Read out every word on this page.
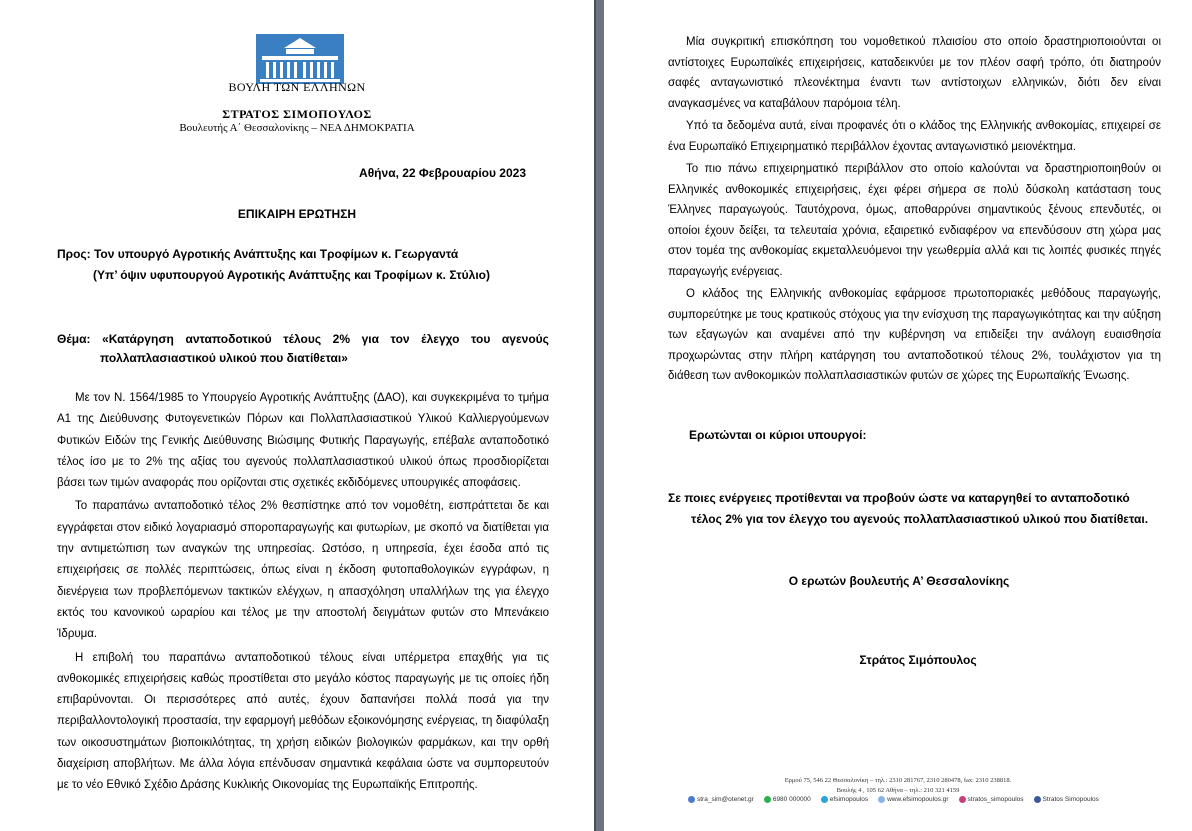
ΒΟΥΛΗ ΤΩΝ ΕΛΛΗΝΩΝ
ΣΤΡΑΤΟΣ ΣΙΜΟΠΟΥΛΟΣ
Βουλευτής Α΄ Θεσσαλονίκης – ΝΕΑ ΔΗΜΟΚΡΑΤΙΑ
Αθήνα, 22 Φεβρουαρίου 2023
ΕΠΙΚΑΙΡΗ ΕΡΩΤΗΣΗ
Προς: Τον υπουργό Αγροτικής Ανάπτυξης και Τροφίμων κ. Γεωργαντά
(Υπ’ όψιν υφυπουργού Αγροτικής Ανάπτυξης και Τροφίμων κ. Στύλιο)
Θέμα: «Κατάργηση ανταποδοτικού τέλους 2% για τον έλεγχο του αγενούς
πολλαπλασιαστικού υλικού που διατίθεται»

Με τον Ν. 1564/1985 το Υπουργείο Αγροτικής Ανάπτυξης (ΔΑΟ), και συγκεκριμένα το τμήμα Α1 της Διεύθυνσης Φυτογενετικών Πόρων και Πολλαπλασιαστικού Υλικού Καλλιεργούμενων Φυτικών Ειδών της Γενικής Διεύθυνσης Βιώσιμης Φυτικής Παραγωγής, επέβαλε ανταποδοτικό τέλος ίσο με το 2% της αξίας του αγενούς πολλαπλασιαστικού υλικού όπως προσδιορίζεται βάσει των τιμών αναφοράς που ορίζονται στις σχετικές εκδιδόμενες υπουργικές αποφάσεις.

Το παραπάνω ανταποδοτικό τέλος 2% θεσπίστηκε από τον νομοθέτη, εισπράττεται δε και εγγράφεται στον ειδικό λογαριασμό σποροπαραγωγής και φυτωρίων, με σκοπό να διατίθεται για την αντιμετώπιση των αναγκών της υπηρεσίας. Ωστόσο, η υπηρεσία, έχει έσοδα από τις επιχειρήσεις σε πολλές περιπτώσεις, όπως είναι η έκδοση φυτοπαθολογικών εγγράφων, η διενέργεια των προβλεπόμενων τακτικών ελέγχων, η απασχόληση υπαλλήλων της για έλεγχο εκτός του κανονικού ωραρίου και τέλος με την αποστολή δειγμάτων φυτών στο Μπενάκειο Ίδρυμα.

Η επιβολή του παραπάνω ανταποδοτικού τέλους είναι υπέρμετρα επαχθής για τις ανθοκομικές επιχειρήσεις καθώς προστίθεται στο μεγάλο κόστος παραγωγής με τις οποίες ήδη επιβαρύνονται. Οι περισσότερες από αυτές, έχουν δαπανήσει πολλά ποσά για την περιβαλλοντολογική προστασία, την εφαρμογή μεθόδων εξοικονόμησης ενέργειας, τη διαφύλαξη των οικοσυστημάτων βιοποικιλότητας, τη χρήση ειδικών βιολογικών φαρμάκων, και την ορθή διαχείριση αποβλήτων. Με άλλα λόγια επένδυσαν σημαντικά κεφάλαια ώστε να συμπορευτούν με το νέο Εθνικό Σχέδιο Δράσης Κυκλικής Οικονομίας της Ευρωπαϊκής Επιτροπής.

Μία συγκριτική επισκόπηση του νομοθετικού πλαισίου στο οποίο δραστηριοποιούνται οι αντίστοιχες Ευρωπαϊκές επιχειρήσεις, καταδεικνύει με τον πλέον σαφή τρόπο, ότι διατηρούν σαφές ανταγωνιστικό πλεονέκτημα έναντι των αντίστοιχων ελληνικών, διότι δεν είναι αναγκασμένες να καταβάλουν παρόμοια τέλη.

Υπό τα δεδομένα αυτά, είναι προφανές ότι ο κλάδος της Ελληνικής ανθοκομίας, επιχειρεί σε ένα Ευρωπαϊκό Επιχειρηματικό περιβάλλον έχοντας ανταγωνιστικό μειονέκτημα.

Το πιο πάνω επιχειρηματικό περιβάλλον στο οποίο καλούνται να δραστηριοποιηθούν οι Ελληνικές ανθοκομικές επιχειρήσεις, έχει φέρει σήμερα σε πολύ δύσκολη κατάσταση τους Έλληνες παραγωγούς. Ταυτόχρονα, όμως, αποθαρρύνει σημαντικούς ξένους επενδυτές, οι οποίοι έχουν δείξει, τα τελευταία χρόνια, εξαιρετικό ενδιαφέρον να επενδύσουν στη χώρα μας στον τομέα της ανθοκομίας εκμεταλλευόμενοι την γεωθερμία αλλά και τις λοιπές φυσικές πηγές παραγωγής ενέργειας.

Ο κλάδος της Ελληνικής ανθοκομίας εφάρμοσε πρωτοποριακές μεθόδους παραγωγής, συμπορεύτηκε με τους κρατικούς στόχους για την ενίσχυση της παραγωγικότητας και την αύξηση των εξαγωγών και αναμένει από την κυβέρνηση να επιδείξει την ανάλογη ευαισθησία προχωρώντας στην πλήρη κατάργηση του ανταποδοτικού τέλους 2%, τουλάχιστον για τη διάθεση των ανθοκομικών πολλαπλασιαστικών φυτών σε χώρες της Ευρωπαϊκής Ένωσης.

Ερωτώνται οι κύριοι υπουργοί:
Σε ποιες ενέργειες προτίθενται να προβούν ώστε να καταργηθεί το ανταποδοτικό
τέλος 2% για τον έλεγχο του αγενούς πολλαπλασιαστικού υλικού που διατίθεται.
Ο ερωτών βουλευτής Α’ Θεσσαλονίκης
Στράτος Σιμόπουλος
Ερμού 75, 546 22 Θεσσαλονίκη – τηλ.: 2310 281767, 2310 280478, fax: 2310 238818.
Βουλής 4 , 105 62 Αθήνα – τηλ.: 210 321 4159
stra_sim@otenet.gr	6980 000000	efsimopoulos	www.efsimopoulos.gr	stratos_simopoulos	Stratos Simopoulos
